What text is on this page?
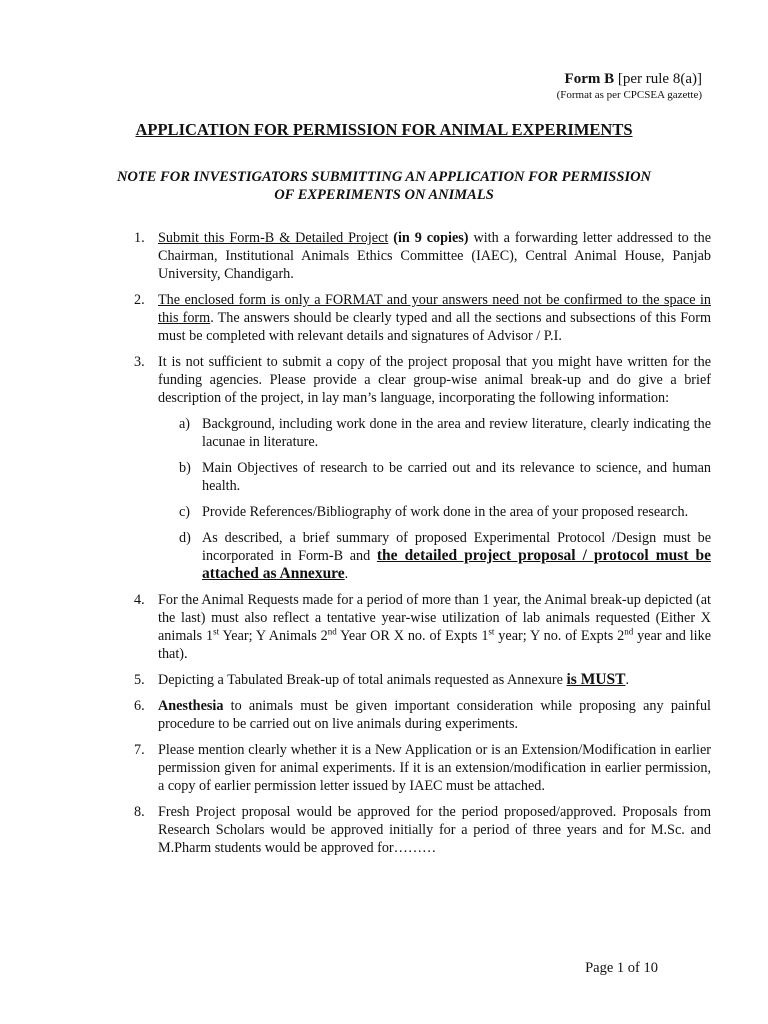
Form B [per rule 8(a)]
(Format as per CPCSEA gazette)
APPLICATION FOR PERMISSION FOR ANIMAL EXPERIMENTS
NOTE FOR INVESTIGATORS SUBMITTING AN APPLICATION FOR PERMISSION OF EXPERIMENTS ON ANIMALS
1. Submit this Form-B & Detailed Project (in 9 copies) with a forwarding letter addressed to the Chairman, Institutional Animals Ethics Committee (IAEC), Central Animal House, Panjab University, Chandigarh.
2. The enclosed form is only a FORMAT and your answers need not be confirmed to the space in this form. The answers should be clearly typed and all the sections and subsections of this Form must be completed with relevant details and signatures of Advisor / P.I.
3. It is not sufficient to submit a copy of the project proposal that you might have written for the funding agencies. Please provide a clear group-wise animal break-up and do give a brief description of the project, in lay man’s language, incorporating the following information:
a) Background, including work done in the area and review literature, clearly indicating the lacunae in literature.
b) Main Objectives of research to be carried out and its relevance to science, and human health.
c) Provide References/Bibliography of work done in the area of your proposed research.
d) As described, a brief summary of proposed Experimental Protocol /Design must be incorporated in Form-B and the detailed project proposal / protocol must be attached as Annexure.
4. For the Animal Requests made for a period of more than 1 year, the Animal break-up depicted (at the last) must also reflect a tentative year-wise utilization of lab animals requested (Either X animals 1st Year; Y Animals 2nd Year OR X no. of Expts 1st year; Y no. of Expts 2nd year and like that).
5. Depicting a Tabulated Break-up of total animals requested as Annexure is MUST.
6. Anesthesia to animals must be given important consideration while proposing any painful procedure to be carried out on live animals during experiments.
7. Please mention clearly whether it is a New Application or is an Extension/Modification in earlier permission given for animal experiments. If it is an extension/modification in earlier permission, a copy of earlier permission letter issued by IAEC must be attached.
8. Fresh Project proposal would be approved for the period proposed/approved. Proposals from Research Scholars would be approved initially for a period of three years and for M.Sc. and M.Pharm students would be approved for………
Page 1 of 10
